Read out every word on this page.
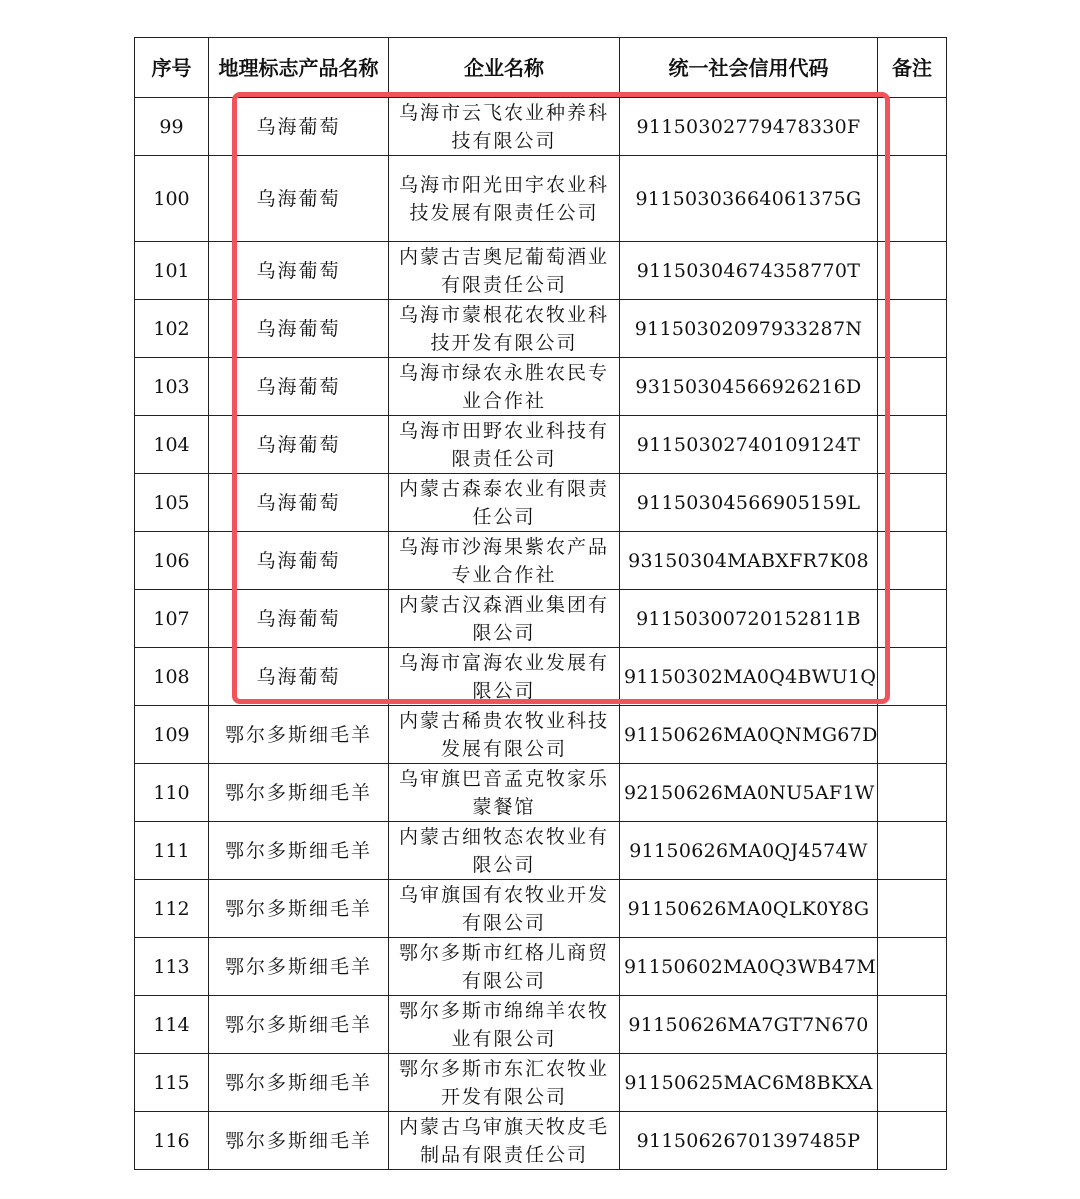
序号	地理标志产品名称	企业名称	统一社会信用代码	备注
99	乌海葡萄	乌海市云飞农业种养科技有限公司	91150302779478330F	
100	乌海葡萄	乌海市阳光田宇农业科技发展有限责任公司	91150303664061375G	
101	乌海葡萄	内蒙古吉奥尼葡萄酒业有限责任公司	91150304674358770T	
102	乌海葡萄	乌海市蒙根花农牧业科技开发有限公司	91150302097933287N	
103	乌海葡萄	乌海市绿农永胜农民专业合作社	93150304566926216D	
104	乌海葡萄	乌海市田野农业科技有限责任公司	91150302740109124T	
105	乌海葡萄	内蒙古森泰农业有限责任公司	91150304566905159L	
106	乌海葡萄	乌海市沙海果紫农产品专业合作社	93150304MABXFR7K08	
107	乌海葡萄	内蒙古汉森酒业集团有限公司	91150300720152811B	
108	乌海葡萄	乌海市富海农业发展有限公司	91150302MA0Q4BWU1Q	
109	鄂尔多斯细毛羊	内蒙古稀贵农牧业科技发展有限公司	91150626MA0QNMG67D	
110	鄂尔多斯细毛羊	乌审旗巴音孟克牧家乐蒙餐馆	92150626MA0NU5AF1W	
111	鄂尔多斯细毛羊	内蒙古细牧态农牧业有限公司	91150626MA0QJ4574W	
112	鄂尔多斯细毛羊	乌审旗国有农牧业开发有限公司	91150626MA0QLK0Y8G	
113	鄂尔多斯细毛羊	鄂尔多斯市红格儿商贸有限公司	91150602MA0Q3WB47M	
114	鄂尔多斯细毛羊	鄂尔多斯市绵绵羊农牧业有限公司	91150626MA7GT7N670	
115	鄂尔多斯细毛羊	鄂尔多斯市东汇农牧业开发有限公司	91150625MAC6M8BKXA	
116	鄂尔多斯细毛羊	内蒙古乌审旗天牧皮毛制品有限责任公司	91150626701397485P	
